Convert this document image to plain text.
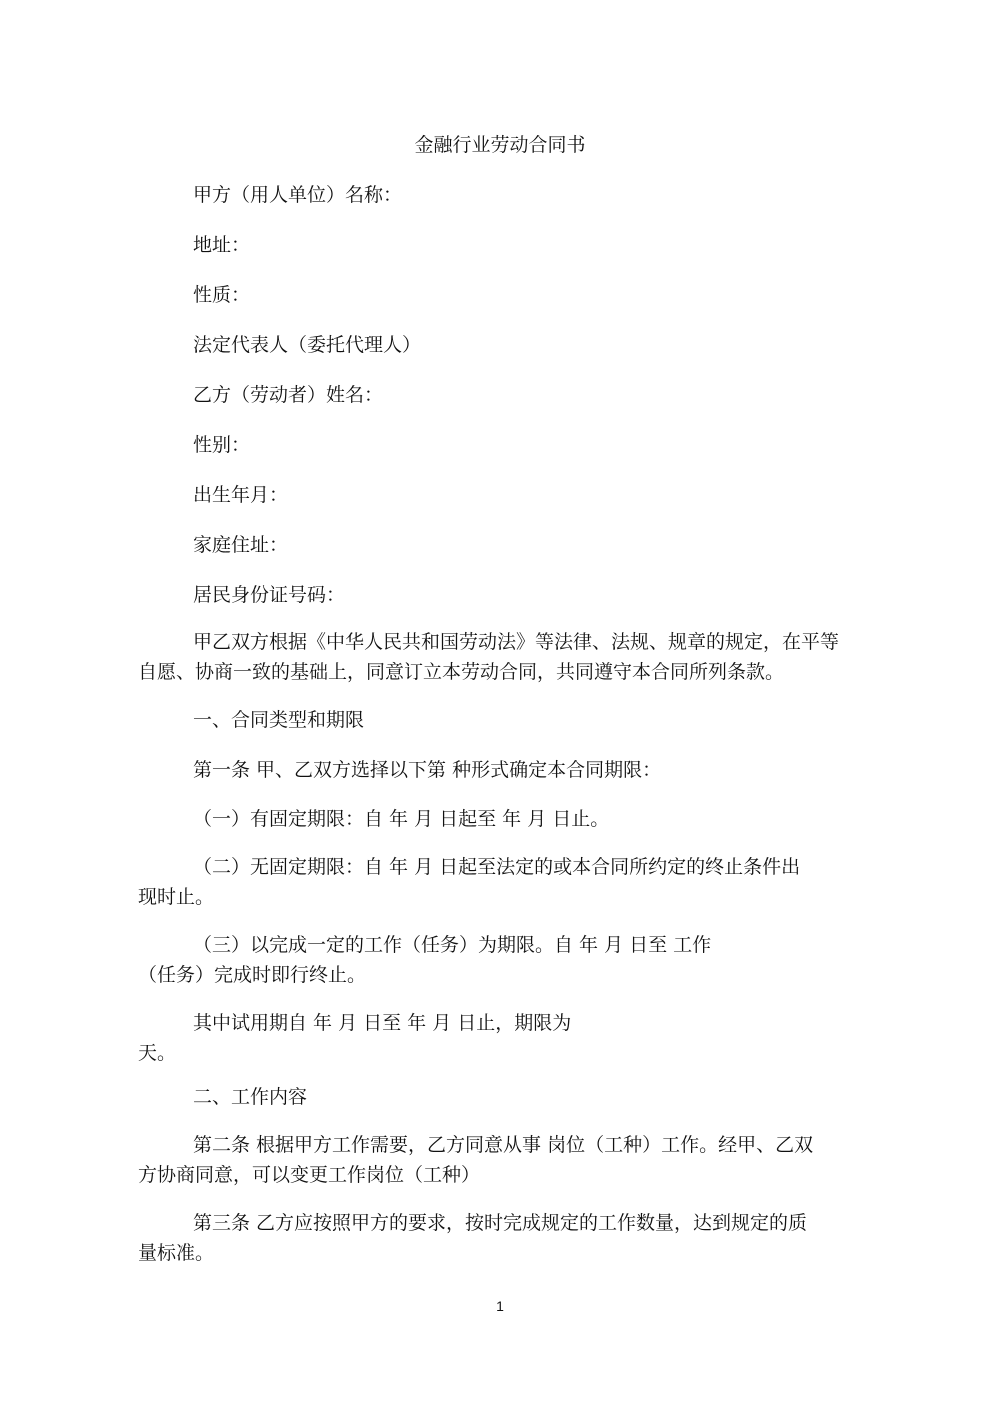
金融行业劳动合同书
甲方（用人单位）名称：
地址：
性质：
法定代表人（委托代理人）
乙方（劳动者）姓名：
性别：
出生年月：
家庭住址：
居民身份证号码：
甲乙双方根据《中华人民共和国劳动法》等法律、法规、规章的规定，在平等
自愿、协商一致的基础上，同意订立本劳动合同，共同遵守本合同所列条款。
一、合同类型和期限
第一条 甲、乙双方选择以下第 种形式确定本合同期限：
（一）有固定期限：自 年 月 日起至 年 月 日止。
（二）无固定期限：自 年 月 日起至法定的或本合同所约定的终止条件出
现时止。
（三）以完成一定的工作（任务）为期限。自 年 月 日至 工作
（任务）完成时即行终止。
其中试用期自 年 月 日至 年 月 日止，期限为
天。
二、工作内容
第二条 根据甲方工作需要，乙方同意从事 岗位（工种）工作。经甲、乙双
方协商同意，可以变更工作岗位（工种）
第三条 乙方应按照甲方的要求，按时完成规定的工作数量，达到规定的质
量标准。
1
